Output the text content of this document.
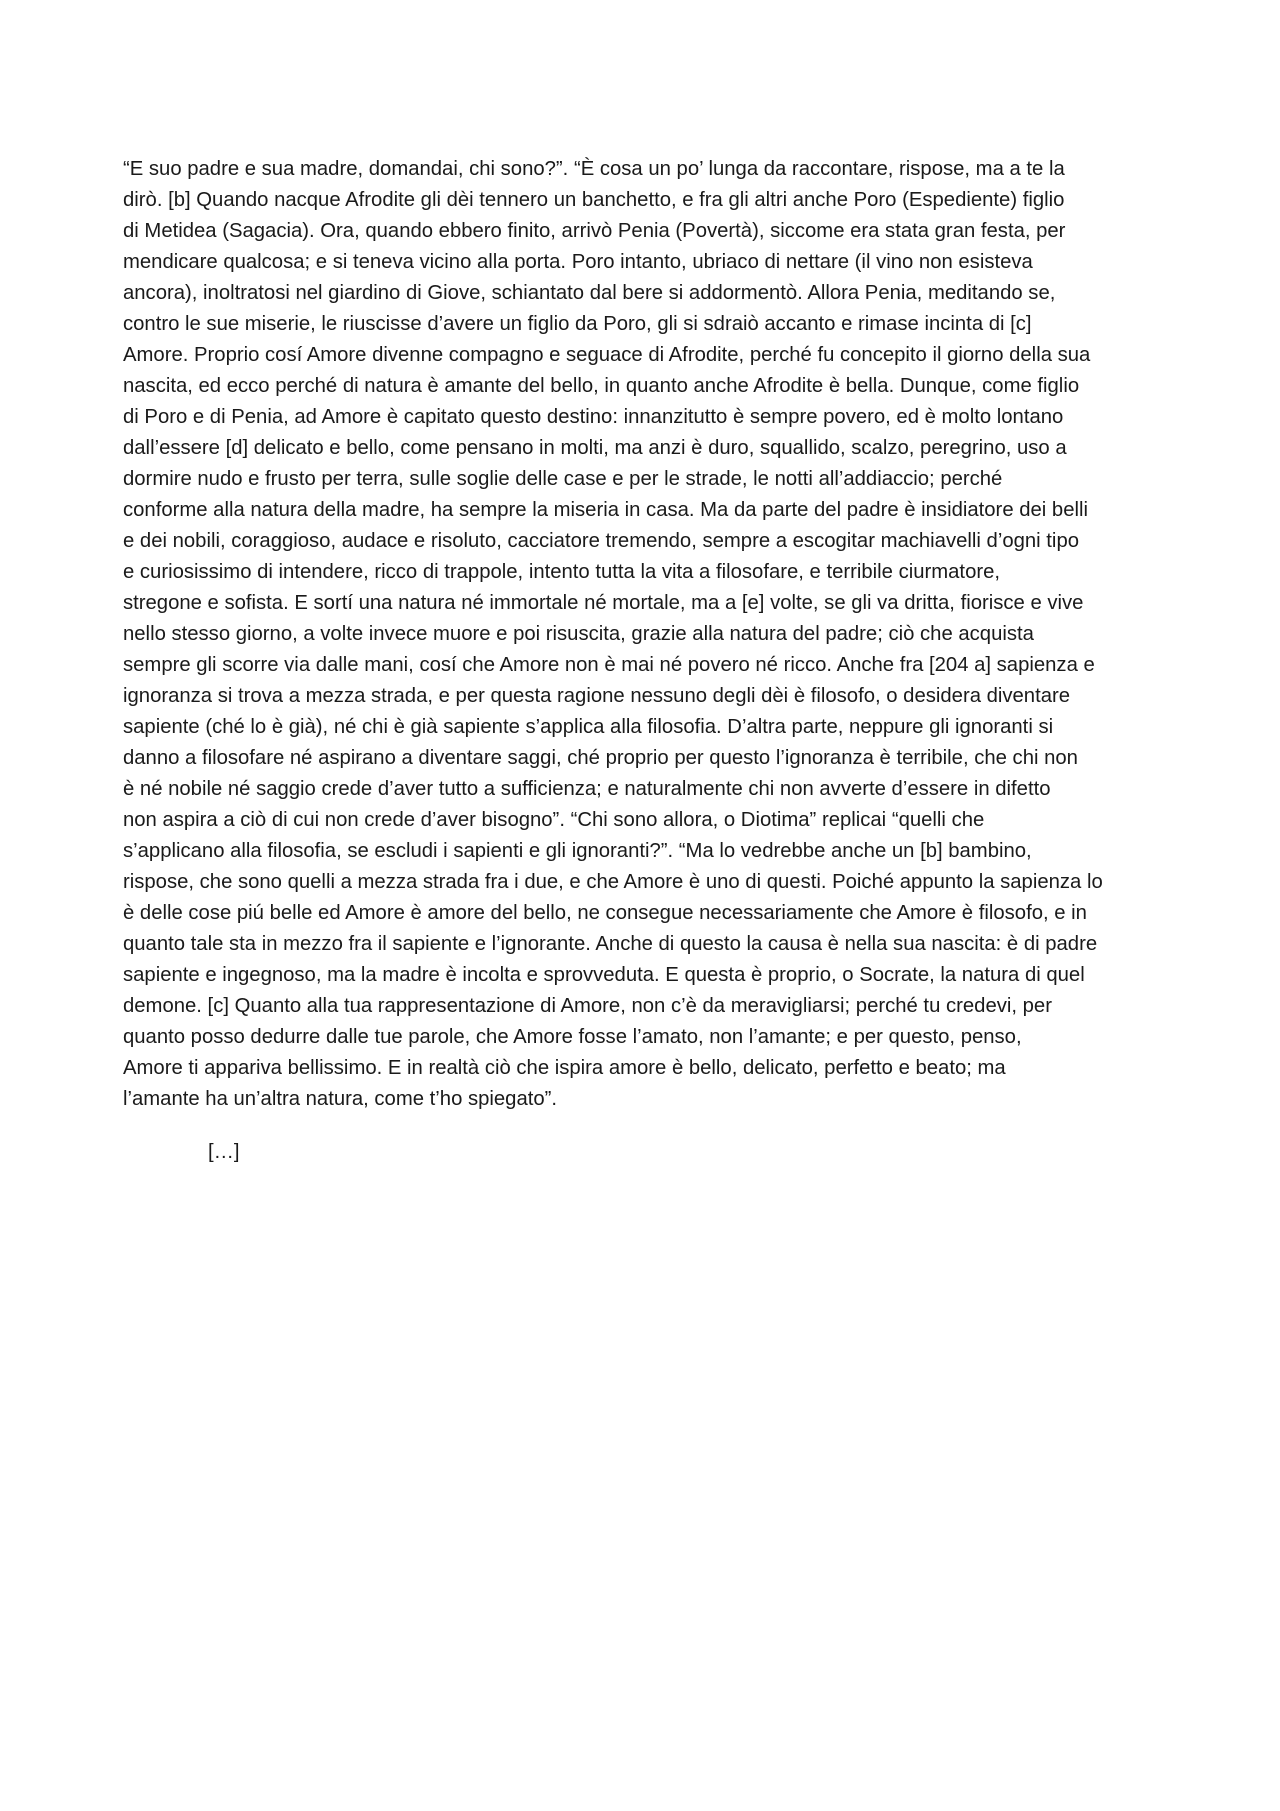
“E suo padre e sua madre, domandai, chi sono?”. “È cosa un po’ lunga da raccontare, rispose, ma a te la
dirò. [b] Quando nacque Afrodite gli dèi tennero un banchetto, e fra gli altri anche Poro (Espediente) figlio
di Metidea (Sagacia). Ora, quando ebbero finito, arrivò Penia (Povertà), siccome era stata gran festa, per
mendicare qualcosa; e si teneva vicino alla porta. Poro intanto, ubriaco di nettare (il vino non esisteva
ancora), inoltratosi nel giardino di Giove, schiantato dal bere si addormentò. Allora Penia, meditando se,
contro le sue miserie, le riuscisse d’avere un figlio da Poro, gli si sdraiò accanto e rimase incinta di [c]
Amore. Proprio cosí Amore divenne compagno e seguace di Afrodite, perché fu concepito il giorno della sua
nascita, ed ecco perché di natura è amante del bello, in quanto anche Afrodite è bella. Dunque, come figlio
di Poro e di Penia, ad Amore è capitato questo destino: innanzitutto è sempre povero, ed è molto lontano
dall’essere [d] delicato e bello, come pensano in molti, ma anzi è duro, squallido, scalzo, peregrino, uso a
dormire nudo e frusto per terra, sulle soglie delle case e per le strade, le notti all’addiaccio; perché
conforme alla natura della madre, ha sempre la miseria in casa. Ma da parte del padre è insidiatore dei belli
e dei nobili, coraggioso, audace e risoluto, cacciatore tremendo, sempre a escogitar machiavelli d’ogni tipo
e curiosissimo di intendere, ricco di trappole, intento tutta la vita a filosofare, e terribile ciurmatore,
stregone e sofista. E sortí una natura né immortale né mortale, ma a [e] volte, se gli va dritta, fiorisce e vive
nello stesso giorno, a volte invece muore e poi risuscita, grazie alla natura del padre; ciò che acquista
sempre gli scorre via dalle mani, cosí che Amore non è mai né povero né ricco. Anche fra [204 a] sapienza e
ignoranza si trova a mezza strada, e per questa ragione nessuno degli dèi è filosofo, o desidera diventare
sapiente (ché lo è già), né chi è già sapiente s’applica alla filosofia. D’altra parte, neppure gli ignoranti si
danno a filosofare né aspirano a diventare saggi, ché proprio per questo l’ignoranza è terribile, che chi non
è né nobile né saggio crede d’aver tutto a sufficienza; e naturalmente chi non avverte d’essere in difetto
non aspira a ciò di cui non crede d’aver bisogno”. “Chi sono allora, o Diotima” replicai “quelli che
s’applicano alla filosofia, se escludi i sapienti e gli ignoranti?”. “Ma lo vedrebbe anche un [b] bambino,
rispose, che sono quelli a mezza strada fra i due, e che Amore è uno di questi. Poiché appunto la sapienza lo
è delle cose piú belle ed Amore è amore del bello, ne consegue necessariamente che Amore è filosofo, e in
quanto tale sta in mezzo fra il sapiente e l’ignorante. Anche di questo la causa è nella sua nascita: è di padre
sapiente e ingegnoso, ma la madre è incolta e sprovveduta. E questa è proprio, o Socrate, la natura di quel
demone. [c] Quanto alla tua rappresentazione di Amore, non c’è da meravigliarsi; perché tu credevi, per
quanto posso dedurre dalle tue parole, che Amore fosse l’amato, non l’amante; e per questo, penso,
Amore ti appariva bellissimo. E in realtà ciò che ispira amore è bello, delicato, perfetto e beato; ma
l’amante ha un’altra natura, come t’ho spiegato”.
[…]
